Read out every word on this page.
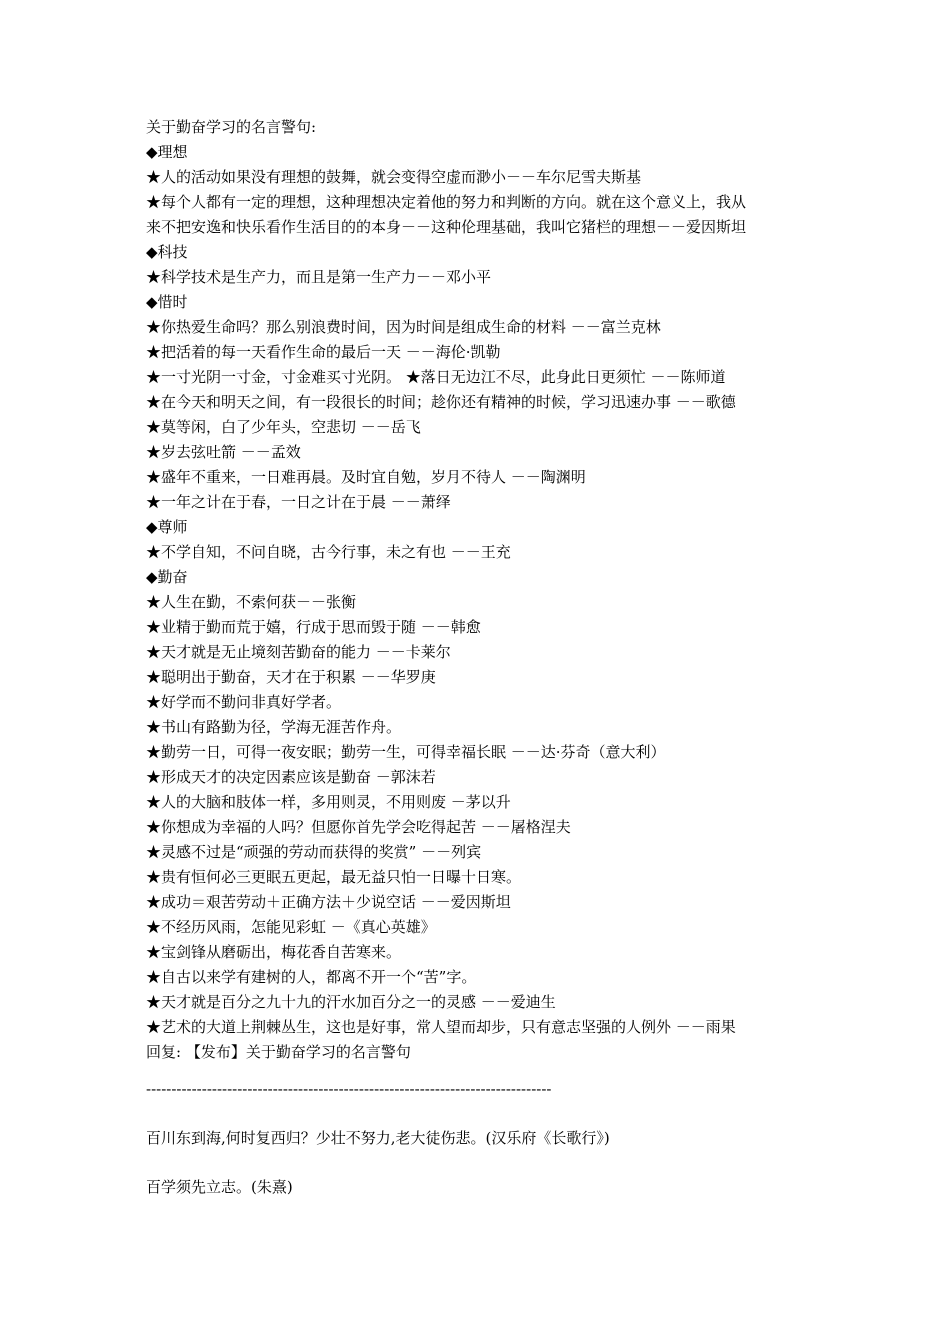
关于勤奋学习的名言警句:
◆理想
★人的活动如果没有理想的鼓舞，就会变得空虚而渺小－－车尔尼雪夫斯基
★每个人都有一定的理想，这种理想决定着他的努力和判断的方向。就在这个意义上，我从
来不把安逸和快乐看作生活目的的本身－－这种伦理基础，我叫它猪栏的理想－－爱因斯坦
◆科技
★科学技术是生产力，而且是第一生产力－－邓小平
◆惜时
★你热爱生命吗？那么别浪费时间，因为时间是组成生命的材料 －－富兰克林
★把活着的每一天看作生命的最后一天 －－海伦·凯勒
★一寸光阴一寸金，寸金难买寸光阴。 ★落日无边江不尽，此身此日更须忙 －－陈师道
★在今天和明天之间，有一段很长的时间；趁你还有精神的时候，学习迅速办事 －－歌德
★莫等闲，白了少年头，空悲切 －－岳飞
★岁去弦吐箭 －－孟效
★盛年不重来，一日难再晨。及时宜自勉，岁月不待人 －－陶渊明
★一年之计在于春，一日之计在于晨 －－萧绎
◆尊师
★不学自知，不问自晓，古今行事，未之有也 －－王充
◆勤奋
★人生在勤，不索何获－－张衡
★业精于勤而荒于嬉，行成于思而毁于随 －－韩愈
★天才就是无止境刻苦勤奋的能力 －－卡莱尔
★聪明出于勤奋，天才在于积累 －－华罗庚
★好学而不勤问非真好学者。
★书山有路勤为径，学海无涯苦作舟。
★勤劳一日，可得一夜安眠；勤劳一生，可得幸福长眠 －－达·芬奇（意大利）
★形成天才的决定因素应该是勤奋 －郭沫若
★人的大脑和肢体一样，多用则灵，不用则废 －茅以升
★你想成为幸福的人吗？但愿你首先学会吃得起苦 －－屠格涅夫
★灵感不过是“顽强的劳动而获得的奖赏” －－列宾
★贵有恒何必三更眠五更起，最无益只怕一日曝十日寒。
★成功＝艰苦劳动＋正确方法＋少说空话 －－爱因斯坦
★不经历风雨，怎能见彩虹 －《真心英雄》
★宝剑锋从磨砺出，梅花香自苦寒来。
★自古以来学有建树的人，都离不开一个“苦”字。
★天才就是百分之九十九的汗水加百分之一的灵感 －－爱迪生
★艺术的大道上荆棘丛生，这也是好事，常人望而却步，只有意志坚强的人例外 －－雨果
回复: 【发布】关于勤奋学习的名言警句
--------------------------------------------------------------------------------
百川东到海,何时复西归？少壮不努力,老大徒伤悲。(汉乐府《长歌行》)
百学须先立志。(朱熹)
